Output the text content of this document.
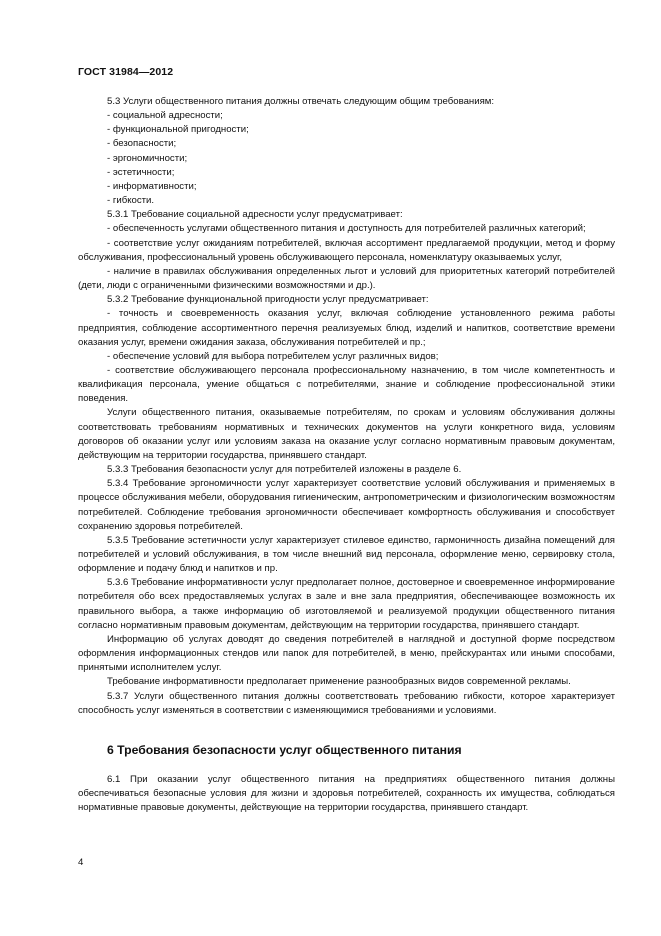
ГОСТ 31984—2012

5.3 Услуги общественного питания должны отвечать следующим общим требованиям:

- социальной адресности;

- функциональной пригодности;

- безопасности;

- эргономичности;

- эстетичности;

- информативности;

- гибкости.

5.3.1 Требование социальной адресности услуг предусматривает:

- обеспеченность услугами общественного питания и доступность для потребителей различных категорий;

- соответствие услуг ожиданиям потребителей, включая ассортимент предлагаемой продукции, метод и форму обслуживания, профессиональный уровень обслуживающего персонала, номенклатуру оказываемых услуг,

- наличие в правилах обслуживания определенных льгот и условий для приоритетных категорий потребителей (дети, люди с ограниченными физическими возможностями и др.).

5.3.2 Требование функциональной пригодности услуг предусматривает:

- точность и своевременность оказания услуг, включая соблюдение установленного режима работы предприятия, соблюдение ассортиментного перечня реализуемых блюд, изделий и напитков, соответствие времени оказания услуг, времени ожидания заказа, обслуживания потребителей и пр.;

- обеспечение условий для выбора потребителем услуг различных видов;

- соответствие обслуживающего персонала профессиональному назначению, в том числе компетентность и квалификация персонала, умение общаться с потребителями, знание и соблюдение профессиональной этики поведения.

Услуги общественного питания, оказываемые потребителям, по срокам и условиям обслуживания должны соответствовать требованиям нормативных и технических документов на услуги конкретного вида, условиям договоров об оказании услуг или условиям заказа на оказание услуг согласно нормативным правовым документам, действующим на территории государства, принявшего стандарт.

5.3.3 Требования безопасности услуг для потребителей изложены в разделе 6.

5.3.4 Требование эргономичности услуг характеризует соответствие условий обслуживания и применяемых в процессе обслуживания мебели, оборудования гигиеническим, антропометрическим и физиологическим возможностям потребителей. Соблюдение требования эргономичности обеспечивает комфортность обслуживания и способствует сохранению здоровья потребителей.

5.3.5 Требование эстетичности услуг характеризует стилевое единство, гармоничность дизайна помещений для потребителей и условий обслуживания, в том числе внешний вид персонала, оформление меню, сервировку стола, оформление и подачу блюд и напитков и пр.

5.3.6 Требование информативности услуг предполагает полное, достоверное и своевременное информирование потребителя обо всех предоставляемых услугах в зале и вне зала предприятия, обеспечивающее возможность их правильного выбора, а также информацию об изготовляемой и реализуемой продукции общественного питания согласно нормативным правовым документам, действующим на территории государства, принявшего стандарт.

Информацию об услугах доводят до сведения потребителей в наглядной и доступной форме посредством оформления информационных стендов или папок для потребителей, в меню, прейскурантах или иными способами, принятыми исполнителем услуг.

Требование информативности предполагает применение разнообразных видов современной рекламы.

5.3.7 Услуги общественного питания должны соответствовать требованию гибкости, которое характеризует способность услуг изменяться в соответствии с изменяющимися требованиями и условиями.

6 Требования безопасности услуг общественного питания

6.1 При оказании услуг общественного питания на предприятиях общественного питания должны обеспечиваться безопасные условия для жизни и здоровья потребителей, сохранность их имущества, соблюдаться нормативные правовые документы, действующие на территории государства, принявшего стандарт.

4
